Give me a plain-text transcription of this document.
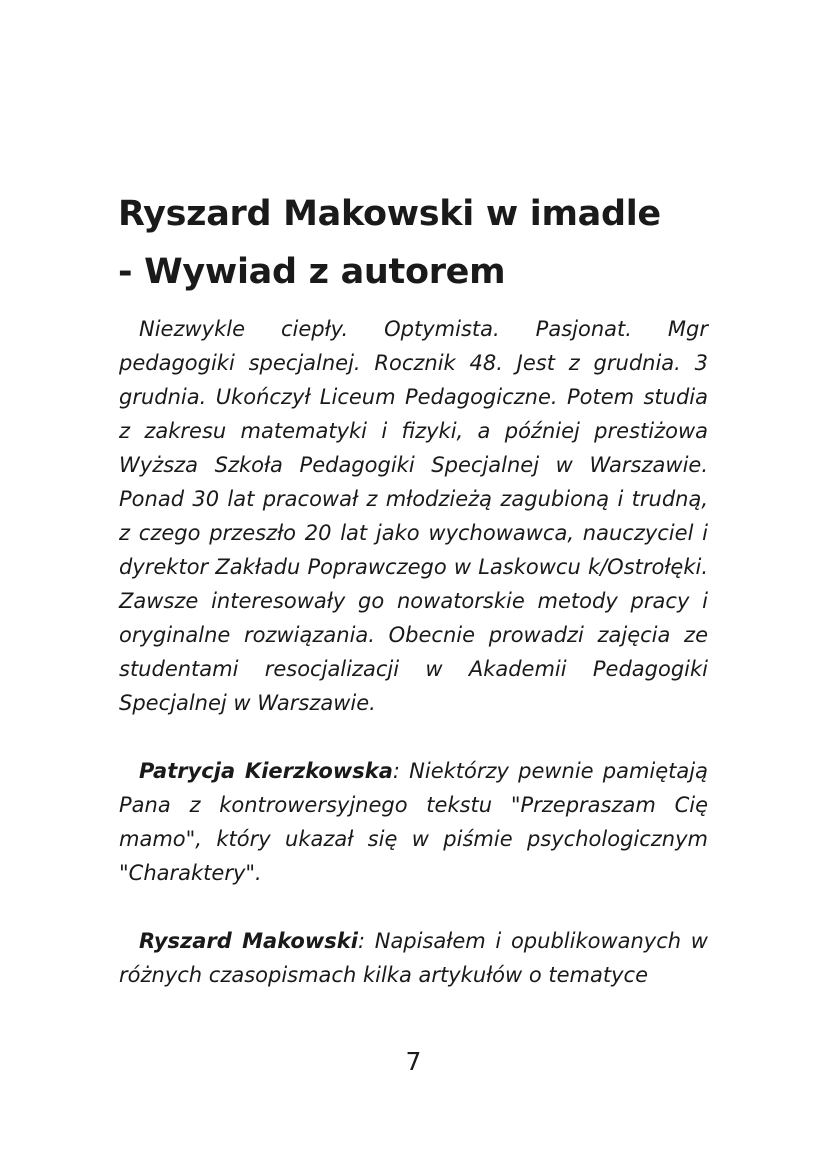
Ryszard Makowski w imadle
- Wywiad z autorem

Niezwykle ciepły. Optymista. Pasjonat. Mgr pedagogiki specjalnej. Rocznik 48. Jest z grudnia. 3 grudnia. Ukończył Liceum Pedagogiczne. Potem studia z zakresu matematyki i fizyki, a później prestiżowa Wyższa Szkoła Pedagogiki Specjalnej w Warszawie. Ponad 30 lat pracował z młodzieżą zagubioną i trudną, z czego przeszło 20 lat jako wychowawca, nauczyciel i dyrektor Zakładu Poprawczego w Laskowcu k/Ostrołęki. Zawsze interesowały go nowatorskie metody pracy i oryginalne rozwiązania. Obecnie prowadzi zajęcia ze studentami resocjalizacji w Akademii Pedagogiki Specjalnej w Warszawie.

Patrycja Kierzkowska: Niektórzy pewnie pamiętają Pana z kontrowersyjnego tekstu "Przepraszam Cię mamo", który ukazał się w piśmie psychologicznym "Charaktery".

Ryszard Makowski: Napisałem i opublikowanych w różnych czasopismach kilka artykułów o tematyce

7
